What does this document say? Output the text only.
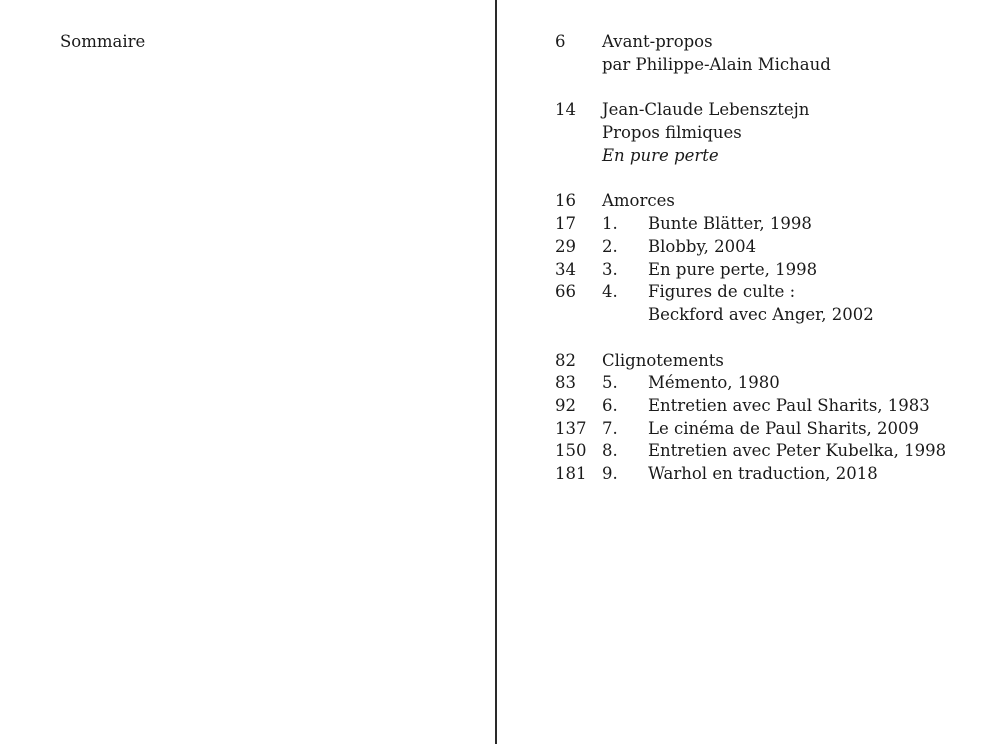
Sommaire	6 Avant-propos
par Philippe-Alain Michaud
14 Jean-Claude Lebensztejn
Propos filmiques
En pure perte
16 Amorces
17 1. Bunte Blätter, 1998
29 2. Blobby, 2004
34 3. En pure perte, 1998
66 4. Figures de culte :
Beckford avec Anger, 2002
82 Clignotements
83 5. Mémento, 1980
92 6. Entretien avec Paul Sharits, 1983
137 7. Le cinéma de Paul Sharits, 2009
150 8. Entretien avec Peter Kubelka, 1998
181 9. Warhol en traduction, 2018
